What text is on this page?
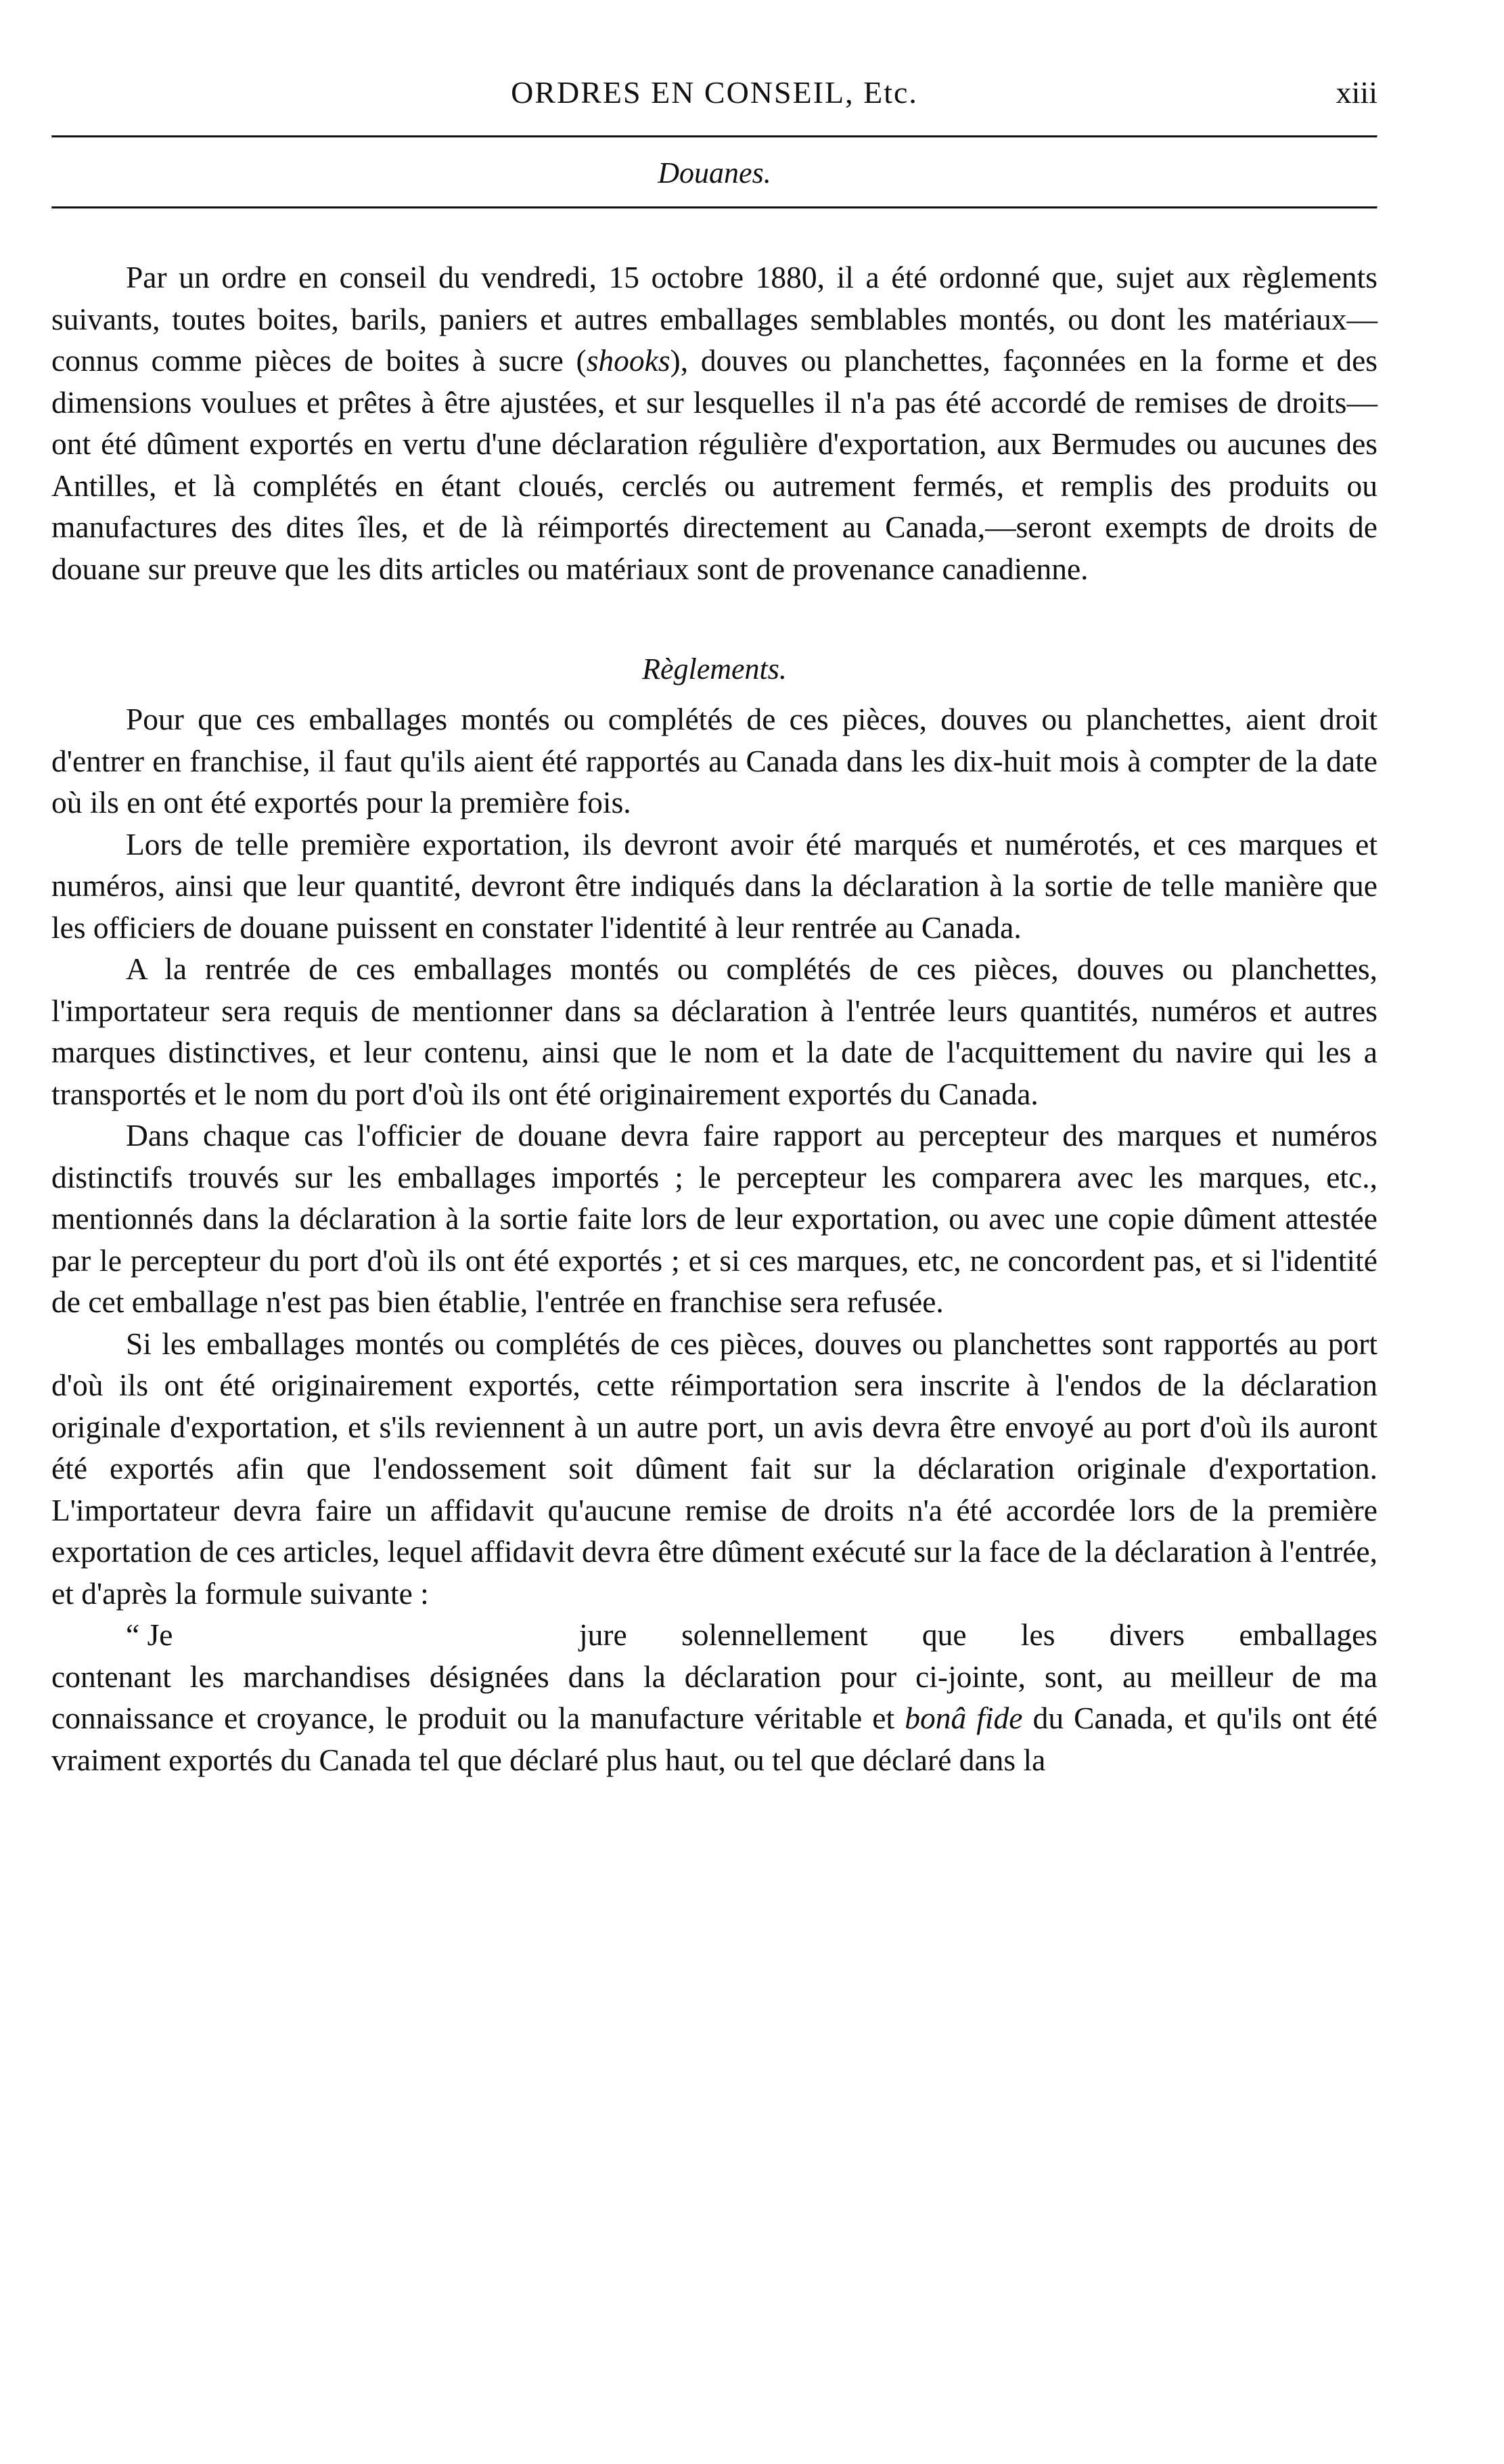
ORDRES EN CONSEIL, Etc.	xiii
Douanes.

Par un ordre en conseil du vendredi, 15 octobre 1880, il a été ordonné que, sujet aux règlements suivants, toutes boites, barils, paniers et autres emballages semblables montés, ou dont les matériaux—connus comme pièces de boites à sucre (shooks), douves ou planchettes, façonnées en la forme et des dimensions voulues et prêtes à être ajustées, et sur lesquelles il n'a pas été accordé de remises de droits—ont été dûment exportés en vertu d'une déclaration régulière d'exportation, aux Bermudes ou aucunes des Antilles, et là complétés en étant cloués, cerclés ou autrement fermés, et remplis des produits ou manufactures des dites îles, et de là réimportés directement au Canada,—seront exempts de droits de douane sur preuve que les dits articles ou matériaux sont de provenance canadienne.

Règlements.

Pour que ces emballages montés ou complétés de ces pièces, douves ou planchettes, aient droit d'entrer en franchise, il faut qu'ils aient été rapportés au Canada dans les dix-huit mois à compter de la date où ils en ont été exportés pour la première fois.

Lors de telle première exportation, ils devront avoir été marqués et numérotés, et ces marques et numéros, ainsi que leur quantité, devront être indiqués dans la déclaration à la sortie de telle manière que les officiers de douane puissent en constater l'identité à leur rentrée au Canada.

A la rentrée de ces emballages montés ou complétés de ces pièces, douves ou planchettes, l'importateur sera requis de mentionner dans sa déclaration à l'entrée leurs quantités, numéros et autres marques distinctives, et leur contenu, ainsi que le nom et la date de l'acquittement du navire qui les a transportés et le nom du port d'où ils ont été originairement exportés du Canada.

Dans chaque cas l'officier de douane devra faire rapport au percepteur des marques et numéros distinctifs trouvés sur les emballages importés ; le percepteur les comparera avec les marques, etc., mentionnés dans la déclaration à la sortie faite lors de leur exportation, ou avec une copie dûment attestée par le percepteur du port d'où ils ont été exportés ; et si ces marques, etc, ne concordent pas, et si l'identité de cet emballage n'est pas bien établie, l'entrée en franchise sera refusée.

Si les emballages montés ou complétés de ces pièces, douves ou planchettes sont rapportés au port d'où ils ont été originairement exportés, cette réimportation sera inscrite à l'endos de la déclaration originale d'exportation, et s'ils reviennent à un autre port, un avis devra être envoyé au port d'où ils auront été exportés afin que l'endossement soit dûment fait sur la déclaration originale d'exportation. L'importateur devra faire un affidavit qu'aucune remise de droits n'a été accordée lors de la première exportation de ces articles, lequel affidavit devra être dûment exécuté sur la face de la déclaration à l'entrée, et d'après la formule suivante :

“ Je	jure solennellement que les divers emballages

contenant les marchandises désignées dans la déclaration pour ci-jointe, sont, au meilleur de ma connaissance et croyance, le produit ou la manufacture véritable et bonâ fide du Canada, et qu'ils ont été vraiment exportés du Canada tel que déclaré plus haut, ou tel que déclaré dans la
